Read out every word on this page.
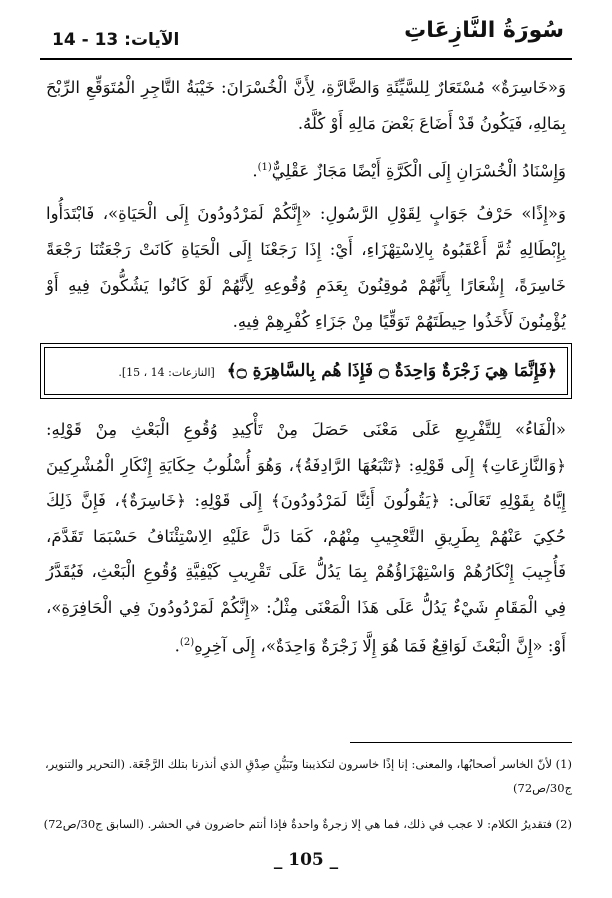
سُورَةُ النَّازِعَاتِ
الآيات: 13 - 14
وَ«خَاسِرَةٌ» مُسْتَعَارٌ لِلسَّيِّئَةِ وَالضَّارَّةِ، لِأَنَّ الْخُسْرَانَ: خَيْبَةُ التَّاجِرِ الْمُتَوَقِّعِ الرِّبْحَ بِمَالِهِ، فَيَكُونُ قَدْ أَضَاعَ بَعْضَ مَالِهِ أَوْ كُلَّهُ.
وَإِسْنَادُ الْخُسْرَانِ إِلَى الْكَرَّةِ أَيْضًا مَجَازٌ عَقْلِيٌّ$^{(1)}$.
وَ«إِذًا» حَرْفُ جَوَابٍ لِقَوْلِ الرَّسُولِ: «إِنَّكُمْ لَمَرْدُودُونَ إِلَى الْحَيَاةِ»، فَابْتَدَأُوا بِإِبْطَالِهِ ثُمَّ أَعْقَبُوهُ بِالِاسْتِهْزَاءِ، أَيْ: إِذَا رَجَعْنَا إِلَى الْحَيَاةِ كَانَتْ رَجْعَتُنَا رَجْعَةً خَاسِرَةً، إِشْعَارًا بِأَنَّهُمْ مُوقِنُونَ بِعَدَمِ وُقُوعِهِ لِأَنَّهُمْ لَوْ كَانُوا يَشُكُّونَ فِيهِ أَوْ يُؤْمِنُونَ لَأَخَذُوا حِيطَتَهُمْ تَوَقِّيًا مِنْ جَزَاءِ كُفْرِهِمْ فِيهِ.
﴿فَإِنَّمَا هِيَ زَجْرَةٌ وَاحِدَةٌ ۝ فَإِذَا هُم بِالسَّاهِرَةِ ۝﴾ [النازعات: 14 ، 15].
«الْفَاءُ» لِلتَّفْرِيعِ عَلَى مَعْنَى حَصَلَ مِنْ تَأْكِيدِ وُقُوعِ الْبَعْثِ مِنْ قَوْلِهِ: ﴿وَالنَّازِعَاتِ﴾ إِلَى قَوْلِهِ: ﴿تَتْبَعُهَا الرَّادِفَةُ﴾، وَهُوَ أُسْلُوبُ حِكَايَةِ إِنْكَارِ الْمُشْرِكِينَ إِيَّاهُ بِقَوْلِهِ تَعَالَى: ﴿يَقُولُونَ أَئِنَّا لَمَرْدُودُونَ﴾ إِلَى قَوْلِهِ: ﴿خَاسِرَةٌ﴾، فَإِنَّ ذَلِكَ حُكِيَ عَنْهُمْ بِطَرِيقِ التَّعْجِيبِ مِنْهُمْ، كَمَا دَلَّ عَلَيْهِ الِاسْتِئْنَافُ حَسْبَمَا تَقَدَّمَ، فَأُجِيبَ إِنْكَارُهُمْ وَاسْتِهْزَاؤُهُمْ بِمَا يَدُلُّ عَلَى تَقْرِيبِ كَيْفِيَّةِ وُقُوعِ الْبَعْثِ، فَيُقَدَّرُ فِي الْمَقَامِ شَيْءٌ يَدُلُّ عَلَى هَذَا الْمَعْنَى مِثْلُ: «إِنَّكُمْ لَمَرْدُودُونَ فِي الْحَافِرَةِ»، أَوْ: «إِنَّ الْبَعْثَ لَوَاقِعٌ فَمَا هُوَ إِلَّا زَجْرَةٌ وَاحِدَةٌ»، إِلَى آخِرِهِ$^{(2)}$.

(1) لأنّ الخاسر أصحابُها، والمعنى: إنا إذًا خاسرون لتكذيبنا وتَبَيُّنِ صِدْقِ الذي أنذرنا بتلك الرَّجْعَة. (التحرير والتنوير، ج30/ص72)

(2) فتقديرُ الكلام: لا عجب في ذلك، فما هي إلا زجرةٌ واحدةٌ فإذا أنتم حاضرون في الحشر. (السابق ج30/ص72)

_ 105 _
